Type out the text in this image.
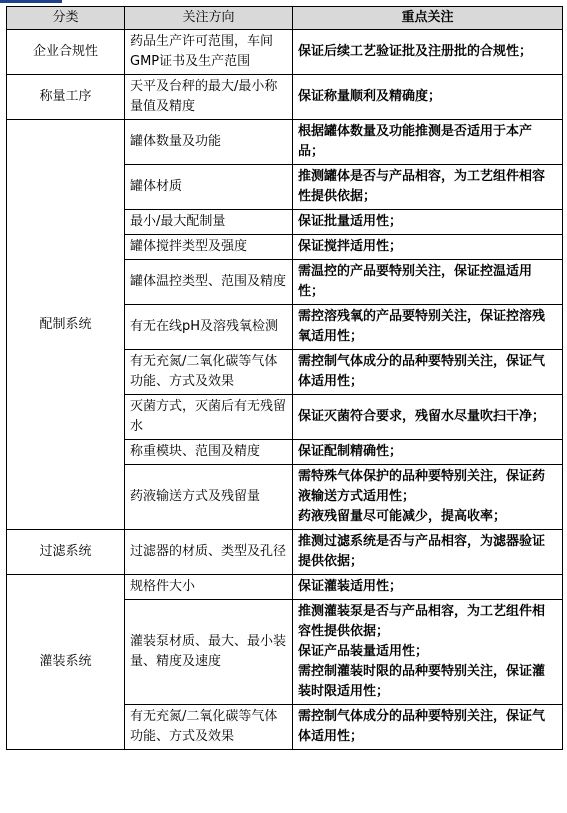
分类	关注方向	重点关注
企业合规性	药品生产许可范围，车间GMP证书及生产范围	保证后续工艺验证批及注册批的合规性；

称量工序	天平及台秤的最大/最小称量值及精度	保证称量顺利及精确度；

配制系统	罐体数量及功能	根据罐体数量及功能推测是否适用于本产品；

	罐体材质	推测罐体是否与产品相容，为工艺组件相容性提供依据；

	最小/最大配制量	保证批量适用性；

	罐体搅拌类型及强度	保证搅拌适用性；

	罐体温控类型、范围及精度	需温控的产品要特别关注，保证控温适用性；

	有无在线pH及溶残氧检测	需控溶残氧的产品要特别关注，保证控溶残氧适用性；

	有无充氮/二氧化碳等气体功能、方式及效果	需控制气体成分的品种要特别关注，保证气体适用性；

	灭菌方式，灭菌后有无残留水	保证灭菌符合要求，残留水尽量吹扫干净；

	称重模块、范围及精度	保证配制精确性；

	药液输送方式及残留量	需特殊气体保护的品种要特别关注，保证药液输送方式适用性；
药液残留量尽可能减少，提高收率；

过滤系统	过滤器的材质、类型及孔径	推测过滤系统是否与产品相容，为滤器验证提供依据；

灌装系统	规格件大小	保证灌装适用性；

	灌装泵材质、最大、最小装量、精度及速度	推测灌装泵是否与产品相容，为工艺组件相容性提供依据；
保证产品装量适用性；
需控制灌装时限的品种要特别关注，保证灌装时限适用性；

	有无充氮/二氧化碳等气体功能、方式及效果	需控制气体成分的品种要特别关注，保证气体适用性；
